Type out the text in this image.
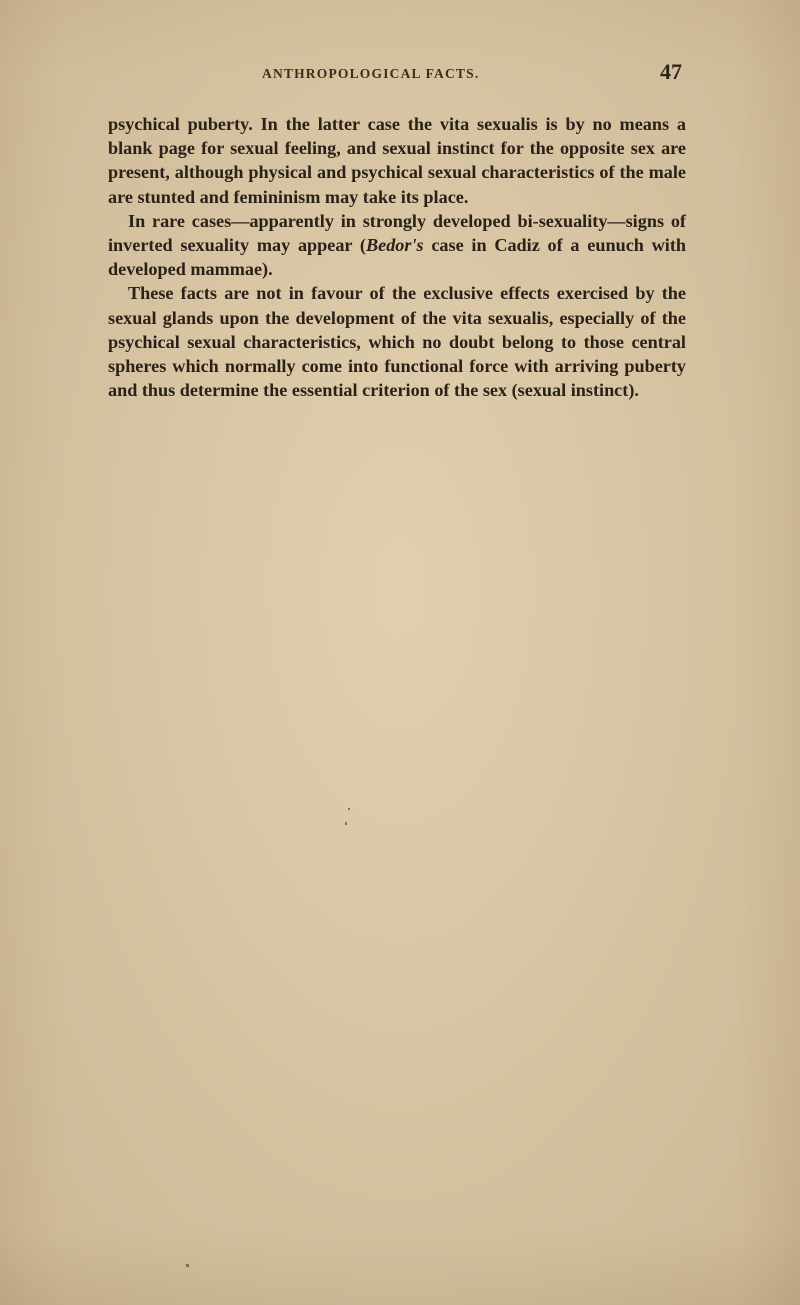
ANTHROPOLOGICAL FACTS.	47

psychical puberty. In the latter case the vita sexualis is by no means a blank page for sexual feeling, and sexual instinct for the opposite sex are present, although physical and psychical sexual characteristics of the male are stunted and femininism may take its place.

In rare cases—apparently in strongly developed bi-sexuality—signs of inverted sexuality may appear (Bedor's case in Cadiz of a eunuch with developed mammae).

These facts are not in favour of the exclusive effects exercised by the sexual glands upon the development of the vita sexualis, especially of the psychical sexual characteristics, which no doubt belong to those central spheres which normally come into functional force with arriving puberty and thus determine the essential criterion of the sex (sexual instinct).
